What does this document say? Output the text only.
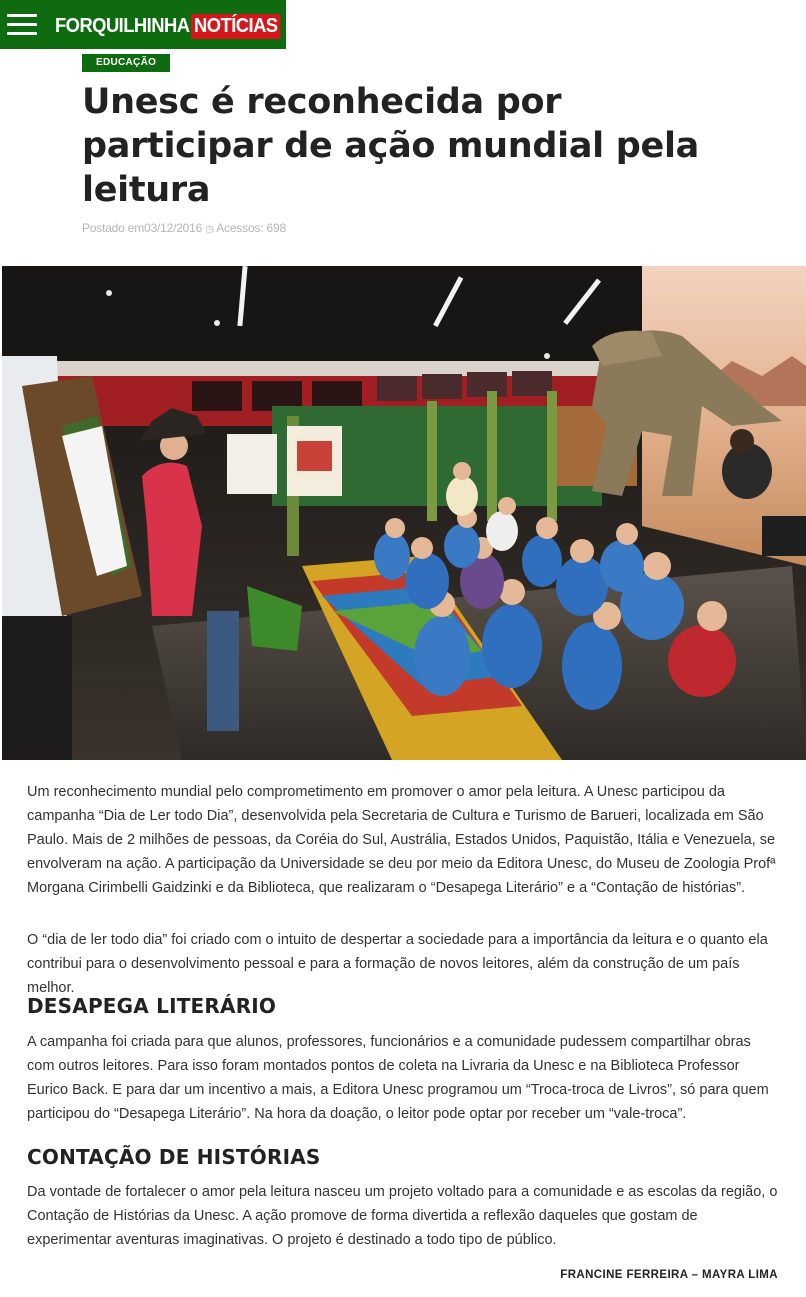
FORQUILHINHA NOTÍCIAS
EDUCAÇÃO
Unesc é reconhecida por participar de ação mundial pela leitura
Postado em03/12/2016 ◷ Acessos: 698

Um reconhecimento mundial pelo comprometimento em promover o amor pela leitura. A Unesc participou da campanha “Dia de Ler todo Dia”, desenvolvida pela Secretaria de Cultura e Turismo de Barueri, localizada em São Paulo. Mais de 2 milhões de pessoas, da Coréia do Sul, Austrália, Estados Unidos, Paquistão, Itália e Venezuela, se envolveram na ação. A participação da Universidade se deu por meio da Editora Unesc, do Museu de Zoologia Profª Morgana Cirimbelli Gaidzinki e da Biblioteca, que realizaram o “Desapega Literário” e a “Contação de histórias”.

O “dia de ler todo dia” foi criado com o intuito de despertar a sociedade para a importância da leitura e o quanto ela contribui para o desenvolvimento pessoal e para a formação de novos leitores, além da construção de um país melhor.

DESAPEGA LITERÁRIO

A campanha foi criada para que alunos, professores, funcionários e a comunidade pudessem compartilhar obras com outros leitores. Para isso foram montados pontos de coleta na Livraria da Unesc e na Biblioteca Professor Eurico Back. E para dar um incentivo a mais, a Editora Unesc programou um “Troca-troca de Livros”, só para quem participou do “Desapega Literário”. Na hora da doação, o leitor pode optar por receber um “vale-troca”.

CONTAÇÃO DE HISTÓRIAS

Da vontade de fortalecer o amor pela leitura nasceu um projeto voltado para a comunidade e as escolas da região, o Contação de Histórias da Unesc. A ação promove de forma divertida a reflexão daqueles que gostam de experimentar aventuras imaginativas. O projeto é destinado a todo tipo de público.

FRANCINE FERREIRA – MAYRA LIMA
